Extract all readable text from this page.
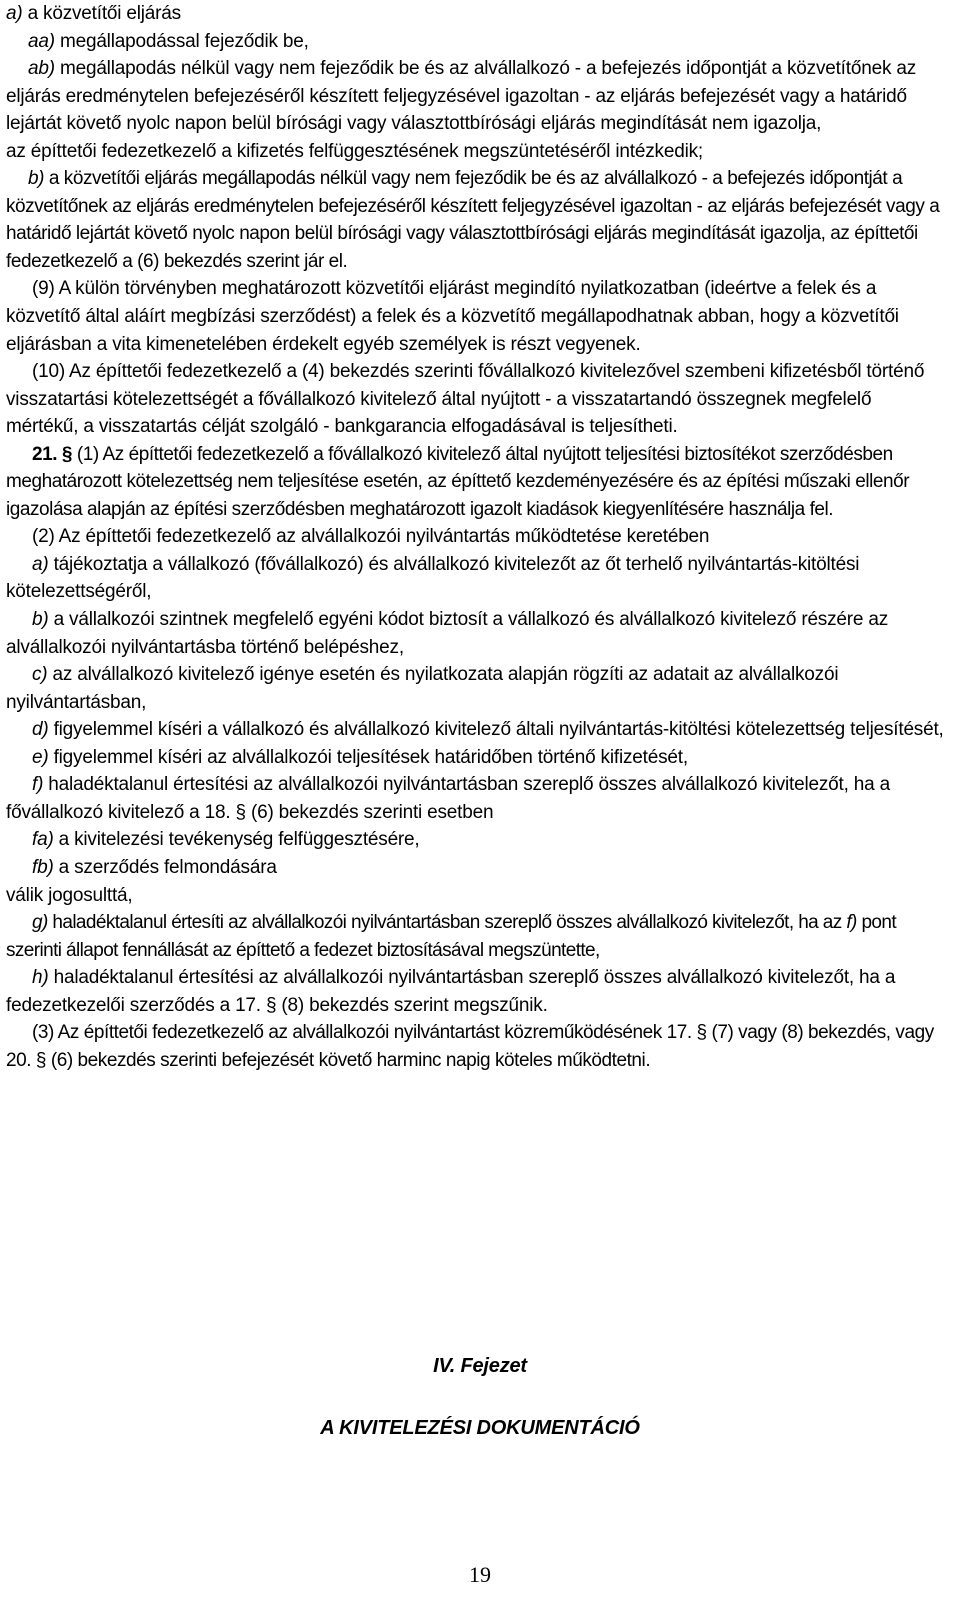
a) a közvetítői eljárás

aa) megállapodással fejeződik be,

ab) megállapodás nélkül vagy nem fejeződik be és az alvállalkozó - a befejezés időpontját a közvetítőnek az eljárás eredménytelen befejezéséről készített feljegyzésével igazoltan - az eljárás befejezését vagy a határidő lejártát követő nyolc napon belül bírósági vagy választottbírósági eljárás megindítását nem igazolja,

az építtetői fedezetkezelő a kifizetés felfüggesztésének megszüntetéséről intézkedik;

b) a közvetítői eljárás megállapodás nélkül vagy nem fejeződik be és az alvállalkozó - a befejezés időpontját a közvetítőnek az eljárás eredménytelen befejezéséről készített feljegyzésével igazoltan - az eljárás befejezését vagy a határidő lejártát követő nyolc napon belül bírósági vagy választottbírósági eljárás megindítását igazolja, az építtetői fedezetkezelő a (6) bekezdés szerint jár el.

(9) A külön törvényben meghatározott közvetítői eljárást megindító nyilatkozatban (ideértve a felek és a közvetítő által aláírt megbízási szerződést) a felek és a közvetítő megállapodhatnak abban, hogy a közvetítői eljárásban a vita kimenetelében érdekelt egyéb személyek is részt vegyenek.

(10) Az építtetői fedezetkezelő a (4) bekezdés szerinti fővállalkozó kivitelezővel szembeni kifizetésből történő visszatartási kötelezettségét a fővállalkozó kivitelező által nyújtott - a visszatartandó összegnek megfelelő mértékű, a visszatartás célját szolgáló - bankgarancia elfogadásával is teljesítheti.

21. § (1) Az építtetői fedezetkezelő a fővállalkozó kivitelező által nyújtott teljesítési biztosítékot szerződésben meghatározott kötelezettség nem teljesítése esetén, az építtető kezdeményezésére és az építési műszaki ellenőr igazolása alapján az építési szerződésben meghatározott igazolt kiadások kiegyenlítésére használja fel.

(2) Az építtetői fedezetkezelő az alvállalkozói nyilvántartás működtetése keretében

a) tájékoztatja a vállalkozó (fővállalkozó) és alvállalkozó kivitelezőt az őt terhelő nyilvántartás-kitöltési kötelezettségéről,

b) a vállalkozói szintnek megfelelő egyéni kódot biztosít a vállalkozó és alvállalkozó kivitelező részére az alvállalkozói nyilvántartásba történő belépéshez,

c) az alvállalkozó kivitelező igénye esetén és nyilatkozata alapján rögzíti az adatait az alvállalkozói nyilvántartásban,

d) figyelemmel kíséri a vállalkozó és alvállalkozó kivitelező általi nyilvántartás-kitöltési kötelezettség teljesítését,

e) figyelemmel kíséri az alvállalkozói teljesítések határidőben történő kifizetését,

f) haladéktalanul értesítési az alvállalkozói nyilvántartásban szereplő összes alvállalkozó kivitelezőt, ha a fővállalkozó kivitelező a 18. § (6) bekezdés szerinti esetben

fa) a kivitelezési tevékenység felfüggesztésére,

fb) a szerződés felmondására

válik jogosulttá,

g) haladéktalanul értesíti az alvállalkozói nyilvántartásban szereplő összes alvállalkozó kivitelezőt, ha az f) pont szerinti állapot fennállását az építtető a fedezet biztosításával megszüntette,

h) haladéktalanul értesítési az alvállalkozói nyilvántartásban szereplő összes alvállalkozó kivitelezőt, ha a fedezetkezelői szerződés a 17. § (8) bekezdés szerint megszűnik.

(3) Az építtetői fedezetkezelő az alvállalkozói nyilvántartást közreműködésének 17. § (7) vagy (8) bekezdés, vagy 20. § (6) bekezdés szerinti befejezését követő harminc napig köteles működtetni.

IV. Fejezet
A KIVITELEZÉSI DOKUMENTÁCIÓ
19
